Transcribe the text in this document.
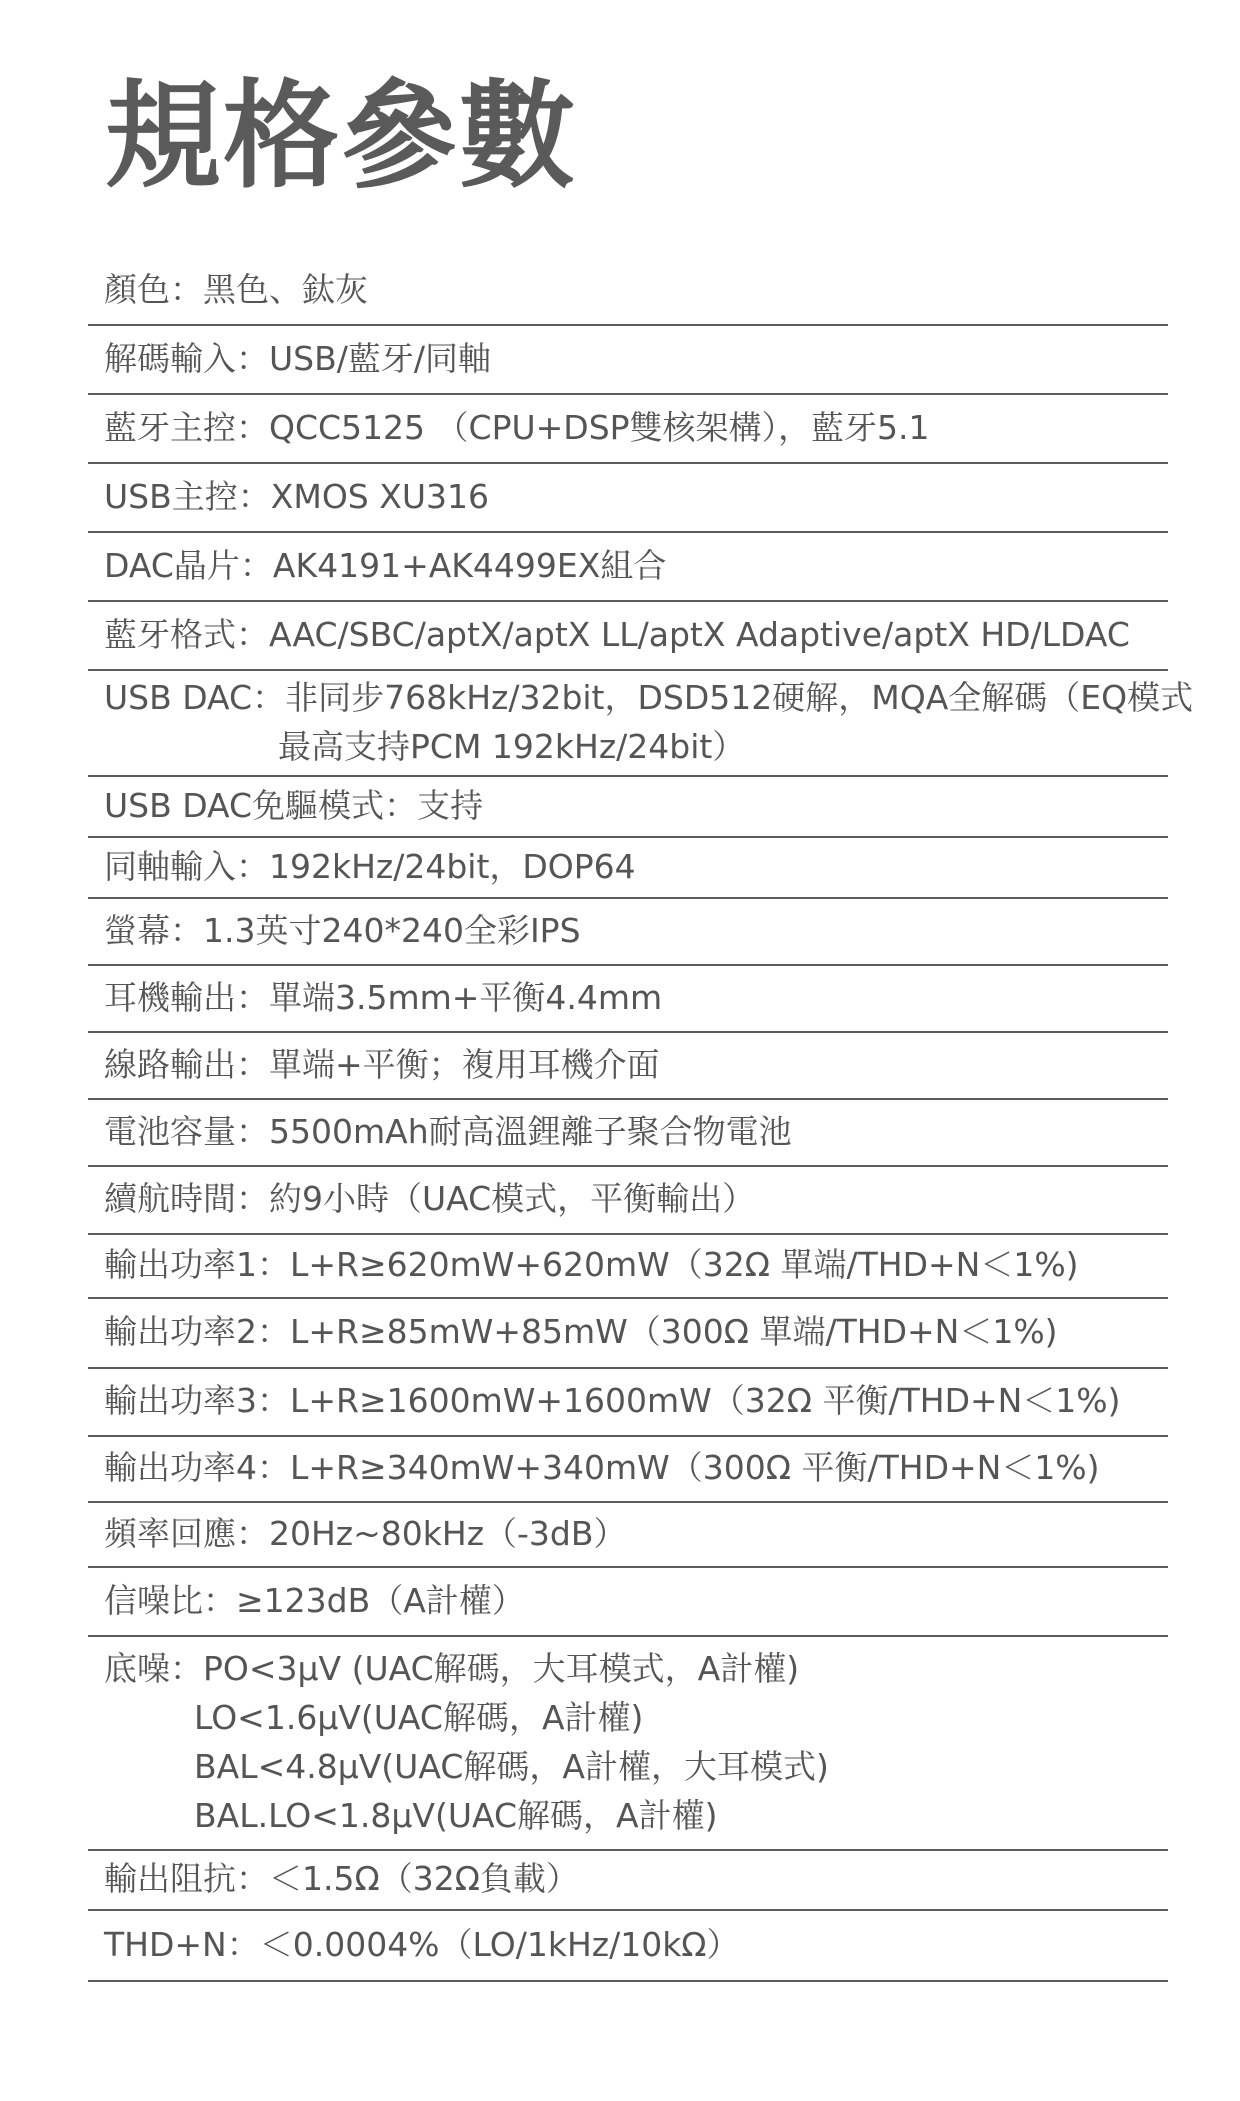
規格參數
顏色：黑色、鈦灰
解碼輸入：USB/藍牙/同軸
藍牙主控：QCC5125 （CPU+DSP雙核架構），藍牙5.1
USB主控：XMOS XU316
DAC晶片：AK4191+AK4499EX組合
藍牙格式：AAC/SBC/aptX/aptX LL/aptX Adaptive/aptX HD/LDAC
USB DAC：非同步768kHz/32bit，DSD512硬解，MQA全解碼（EQ模式
最高支持PCM 192kHz/24bit）
USB DAC免驅模式：支持
同軸輸入：192kHz/24bit，DOP64
螢幕：1.3英寸240*240全彩IPS
耳機輸出：單端3.5mm+平衡4.4mm
線路輸出：單端+平衡；複用耳機介面
電池容量：5500mAh耐高溫鋰離子聚合物電池
續航時間：約9小時（UAC模式，平衡輸出）
輸出功率1：L+R≥620mW+620mW（32Ω 單端/THD+N＜1%)
輸出功率2：L+R≥85mW+85mW（300Ω 單端/THD+N＜1%)
輸出功率3：L+R≥1600mW+1600mW（32Ω 平衡/THD+N＜1%)
輸出功率4：L+R≥340mW+340mW（300Ω 平衡/THD+N＜1%)
頻率回應：20Hz~80kHz（-3dB）
信噪比：≥123dB（A計權）
底噪：PO<3μV (UAC解碼，大耳模式，A計權)
LO<1.6μV(UAC解碼，A計權)
BAL<4.8μV(UAC解碼，A計權，大耳模式)
BAL.LO<1.8μV(UAC解碼，A計權)
輸出阻抗：＜1.5Ω（32Ω負載）
THD+N：＜0.0004%（LO/1kHz/10kΩ）
